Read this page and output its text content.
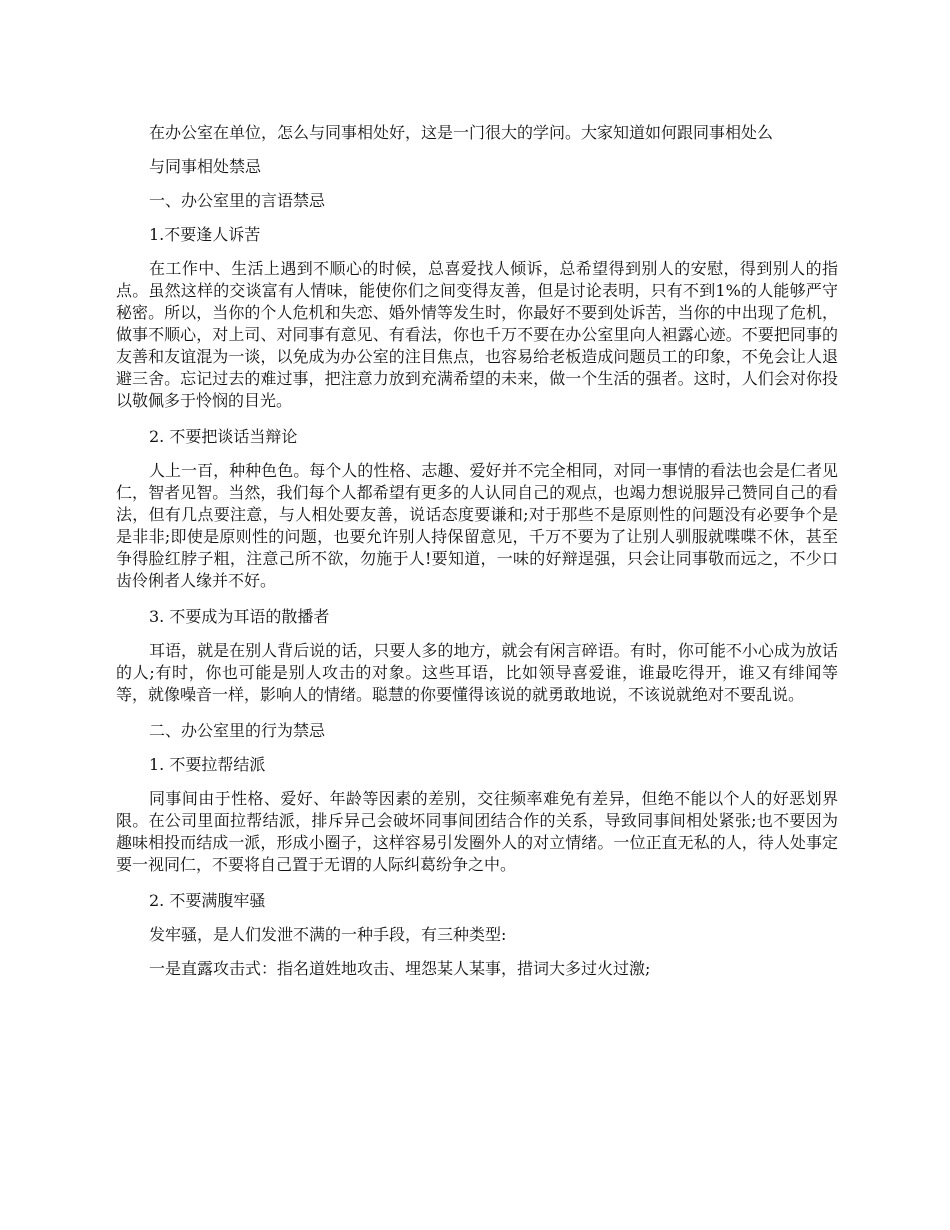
在办公室在单位，怎么与同事相处好，这是一门很大的学问。大家知道如何跟同事相处么

与同事相处禁忌

一、办公室里的言语禁忌

1.不要逢人诉苦

在工作中、生活上遇到不顺心的时候，总喜爱找人倾诉，总希望得到别人的安慰，得到别人的指点。虽然这样的交谈富有人情味，能使你们之间变得友善，但是讨论表明，只有不到1%的人能够严守秘密。所以，当你的个人危机和失恋、婚外情等发生时，你最好不要到处诉苦，当你的中出现了危机，做事不顺心，对上司、对同事有意见、有看法，你也千万不要在办公室里向人袒露心迹。不要把同事的友善和友谊混为一谈，以免成为办公室的注目焦点，也容易给老板造成问题员工的印象，不免会让人退避三舍。忘记过去的难过事，把注意力放到充满希望的未来，做一个生活的强者。这时，人们会对你投以敬佩多于怜悯的目光。

2. 不要把谈话当辩论

人上一百，种种色色。每个人的性格、志趣、爱好并不完全相同，对同一事情的看法也会是仁者见仁，智者见智。当然，我们每个人都希望有更多的人认同自己的观点，也竭力想说服异己赞同自己的看法，但有几点要注意，与人相处要友善，说话态度要谦和;对于那些不是原则性的问题没有必要争个是是非非;即使是原则性的问题，也要允许别人持保留意见，千万不要为了让别人驯服就喋喋不休，甚至争得脸红脖子粗，注意己所不欲，勿施于人!要知道，一味的好辩逞强，只会让同事敬而远之，不少口齿伶俐者人缘并不好。

3. 不要成为耳语的散播者

耳语，就是在别人背后说的话，只要人多的地方，就会有闲言碎语。有时，你可能不小心成为放话的人;有时，你也可能是别人攻击的对象。这些耳语，比如领导喜爱谁，谁最吃得开，谁又有绯闻等等，就像噪音一样，影响人的情绪。聪慧的你要懂得该说的就勇敢地说，不该说就绝对不要乱说。

二、办公室里的行为禁忌

1. 不要拉帮结派

同事间由于性格、爱好、年龄等因素的差别，交往频率难免有差异，但绝不能以个人的好恶划界限。在公司里面拉帮结派，排斥异己会破坏同事间团结合作的关系，导致同事间相处紧张;也不要因为趣味相投而结成一派，形成小圈子，这样容易引发圈外人的对立情绪。一位正直无私的人，待人处事定要一视同仁，不要将自己置于无谓的人际纠葛纷争之中。

2. 不要满腹牢骚

发牢骚，是人们发泄不满的一种手段，有三种类型:

一是直露攻击式：指名道姓地攻击、埋怨某人某事，措词大多过火过激;
